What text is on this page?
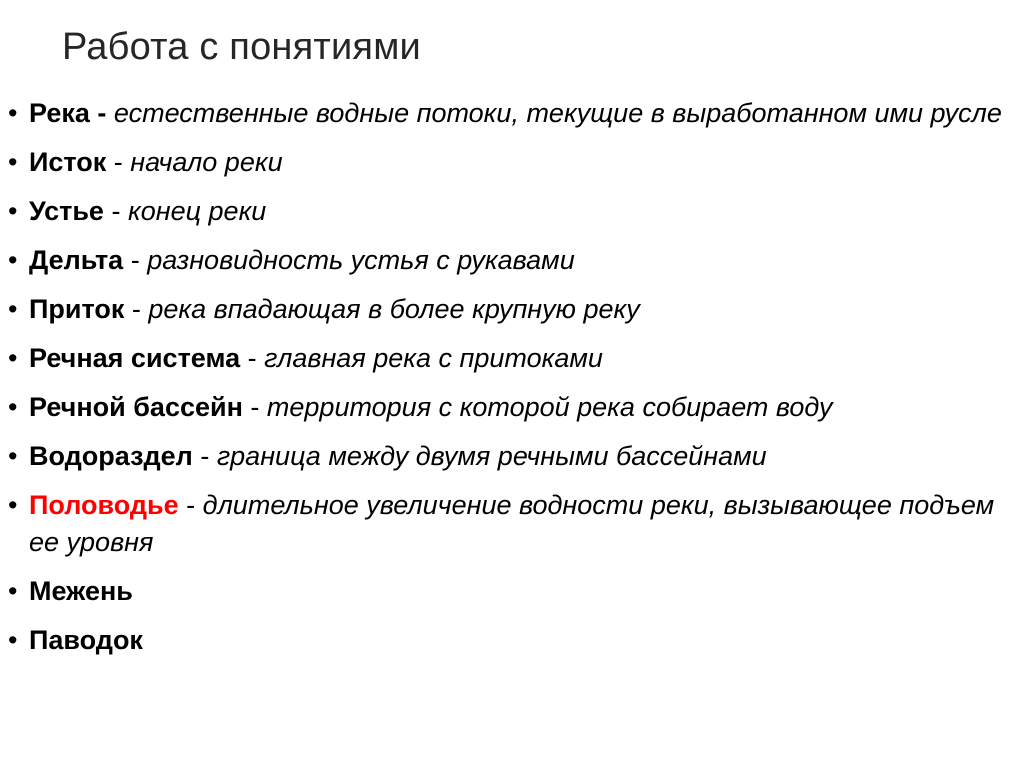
Работа с понятиями
• Река - естественные водные потоки, текущие в выработанном ими русле
• Исток - начало реки
• Устье - конец реки
• Дельта - разновидность устья с рукавами
• Приток - река впадающая в более крупную реку
• Речная система - главная река с притоками
• Речной бассейн - территория с которой река собирает воду
• Водораздел - граница между двумя речными бассейнами
• Половодье - длительное увеличение водности реки, вызывающее подъем ее уровня
• Межень
• Паводок
